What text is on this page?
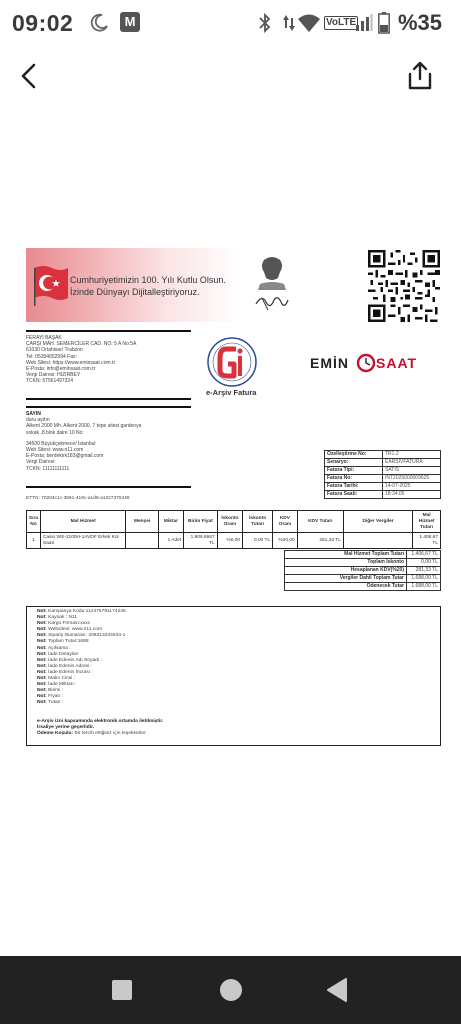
09:02	M	VoLTE %35
Cumhuriyetimizin 100. Yılı Kutlu Olsun.
İzinde Dünyayı Dijitalleştiriyoruz.
FERAYİ BAŞAK
ÇARŞI MAH. SEMERCİLER CAD. NO: 5 A No:5A
61030 Ortahisar/ Trabzon
Tel: 05354652994 Fax:
Web Sitesi: https://www.eminsaat.com.tr
E-Posta: info@eminsaat.com.tr
Vergi Dairesi: HIZIRBEY
TCKN: 57561497324
e-Arşiv Fatura
EMİN SAAT
SAYIN
duru aydın
Alkent 2000 Mh. Alkent 2000, 7 tepe sitesi gardenya
sokak ,8.blok daire 10 No:
34500 Büyükçekmece/ İstanbul
Web Sitesi: www.n11.com
E-Posta: berdekirk183@gmail.com
Vergi Dairesi:
TCKN: 11111111111
Özelleştirme No:	TR1.2
Senaryo:	EARSIVFATURA
Fatura Tipi:	SATIS
Fatura No:	INT2025000009625
Fatura Tarihi:	14-07-2025
Fatura Saati:	18:34:05
ETTN: 70204c1c-3591-419c-a1d9-a1027370449
Sıra No	Mal Hizmet	Menşei	Miktar	Birim Fiyat	İskonto Oranı	İskonto Tutarı	KDV Oranı	KDV Tutarı	Diğer Vergiler	Mal Hizmet Tutarı
1	Casio WS-2100H-1AVDF Erkek Kol Saati		1 Adet	1.906,6667 TL	%0,00	0,00 TL	%20,00	281,33 TL		1.406,67 TL
Mal Hizmet Toplam Tutarı	1.406,67 TL
Toplam İskonto	0,00 TL
Hesaplanan KDV(%20)	281,33 TL
Vergiler Dahil Toplam Tutar	1.688,00 TL
Ödenecek Tutar	1.688,00 TL
Not: Kampanya Kodu:112475791174245
Not: Kaynak : N11
Not: Kargo Firması:xxxx
Not: Websitesi: www.n11.com
Not: Sipariş Numarası: 208313234534-1
Not: Toplam Tutar:1688
Not: Açıklama :
Not: İade Detayları
Not: İade Edenin Adı Soyadı :
Not: İade Edenin Adresi :
Not: İade Edenin İmzası :
Not: Malın Cinsi :
Not: İade Miktarı :
Not: Birimi :
Not: Fiyatı :
Not: Tutarı :
e-Arşiv izni kapsamında elektronik ortamda iletilmiştir.
İrsaliye yerine geçerlidir.
Ödeme Koşulu: Bir tercih ettiğiniz için teşekkürler
